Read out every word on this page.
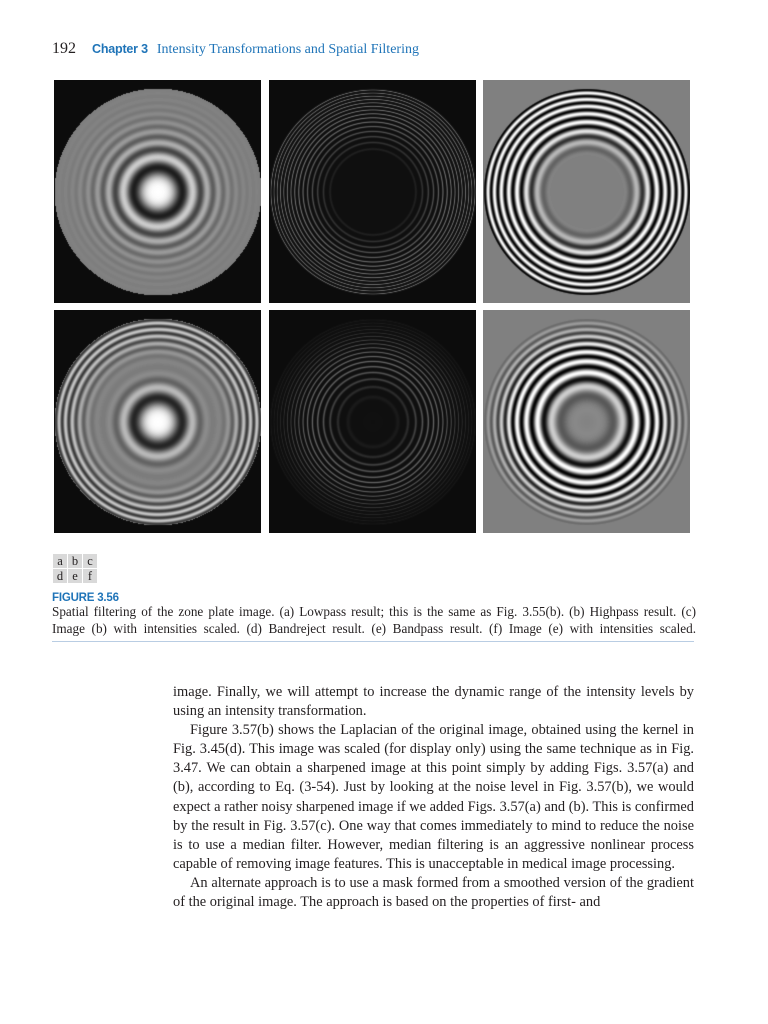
192 Chapter 3 Intensity Transformations and Spatial Filtering
a	b	c
d	e	f
FIGURE 3.56
Spatial filtering of the zone plate image. (a) Lowpass result; this is the same as Fig. 3.55(b). (b) Highpass result. (c) Image (b) with intensities scaled. (d) Bandreject result. (e) Bandpass result. (f) Image (e) with intensities scaled.

image. Finally, we will attempt to increase the dynamic range of the intensity levels by using an intensity transformation.

Figure 3.57(b) shows the Laplacian of the original image, obtained using the kernel in Fig. 3.45(d). This image was scaled (for display only) using the same technique as in Fig. 3.47. We can obtain a sharpened image at this point simply by adding Figs. 3.57(a) and (b), according to Eq. (3-54). Just by looking at the noise level in Fig. 3.57(b), we would expect a rather noisy sharpened image if we added Figs. 3.57(a) and (b). This is confirmed by the result in Fig. 3.57(c). One way that comes immediately to mind to reduce the noise is to use a median filter. However, median filtering is an aggressive nonlinear process capable of removing image features. This is unacceptable in medical image processing.

An alternate approach is to use a mask formed from a smoothed version of the gradient of the original image. The approach is based on the properties of first- and
